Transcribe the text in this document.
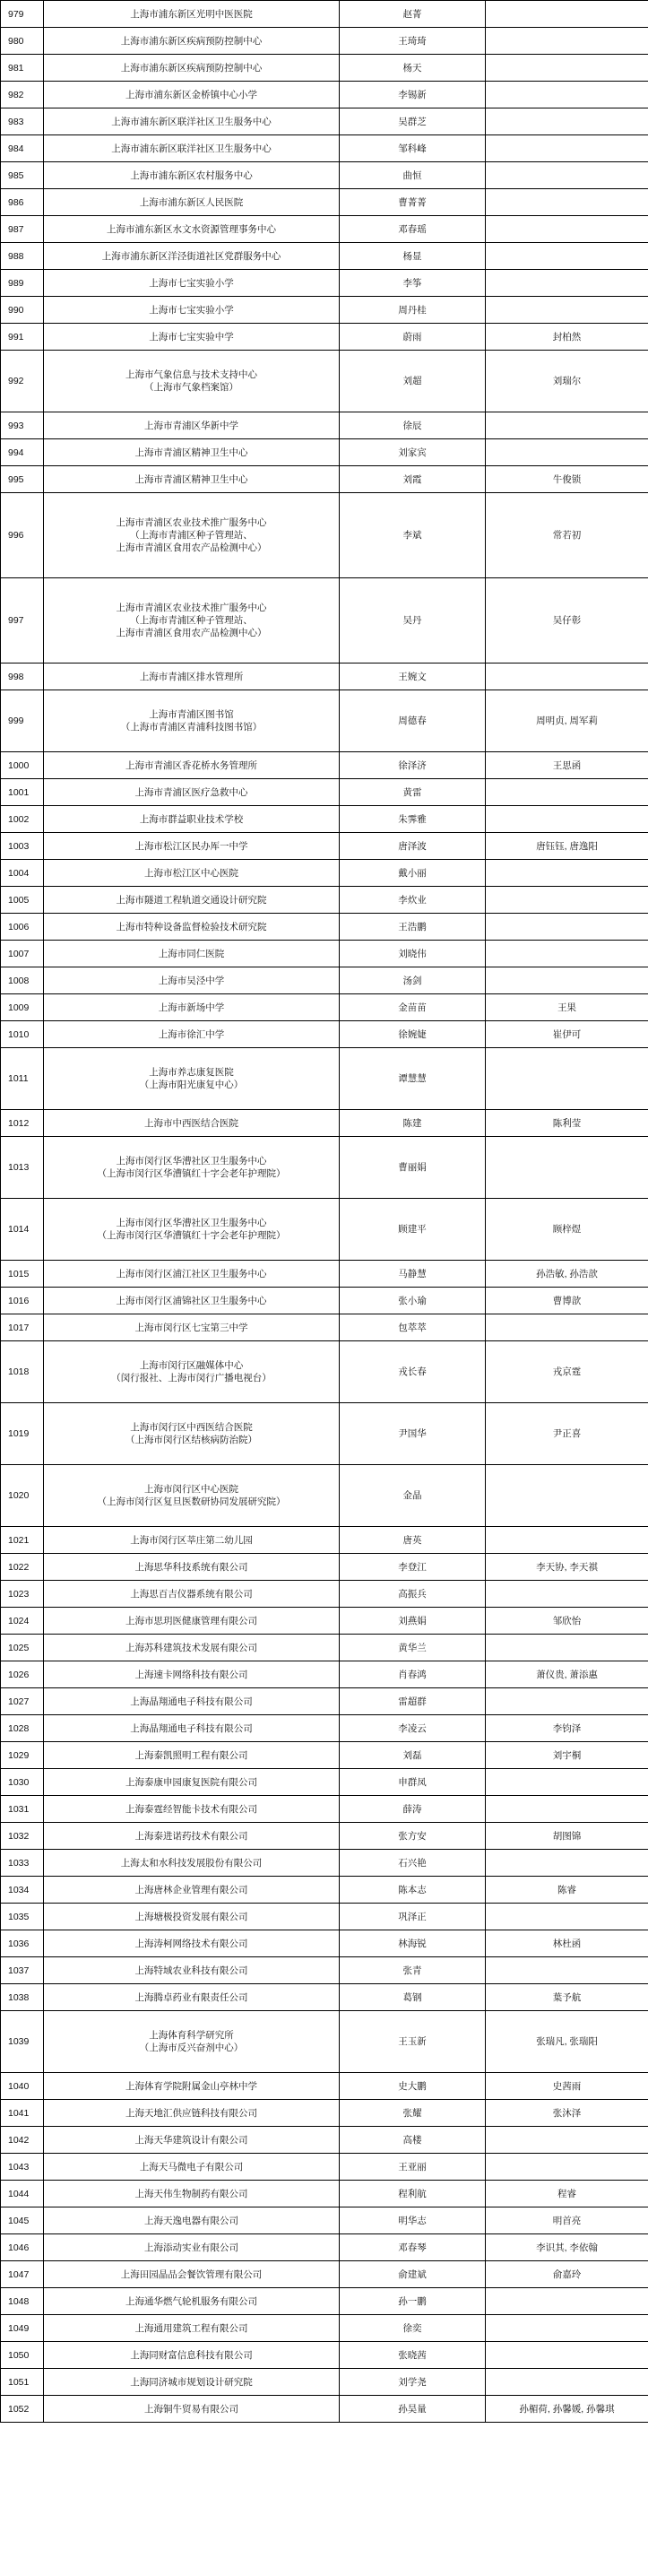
979	上海市浦东新区光明中医医院	赵菁	
980	上海市浦东新区疾病预防控制中心	王琦琦	
981	上海市浦东新区疾病预防控制中心	杨天	
982	上海市浦东新区金桥镇中心小学	李锡新	
983	上海市浦东新区联洋社区卫生服务中心	吴群芝	
984	上海市浦东新区联洋社区卫生服务中心	邹科峰	
985	上海市浦东新区农村服务中心	曲恒	
986	上海市浦东新区人民医院	曹菁菁	
987	上海市浦东新区水文水资源管理事务中心	邓春瑶	
988	上海市浦东新区洋泾街道社区党群服务中心	杨显	
989	上海市七宝实验小学	李筝	
990	上海市七宝实验小学	周丹桂	
991	上海市七宝实验中学	蔚雨	封柏然
992	上海市气象信息与技术支持中心
（上海市气象档案馆）	刘超	刘瑞尔
993	上海市青浦区华新中学	徐辰	
994	上海市青浦区精神卫生中心	刘家宾	
995	上海市青浦区精神卫生中心	刘霞	牛俊锁
996	上海市青浦区农业技术推广服务中心
（上海市青浦区种子管理站、
上海市青浦区食用农产品检测中心）	李斌	常若初
997	上海市青浦区农业技术推广服务中心
（上海市青浦区种子管理站、
上海市青浦区食用农产品检测中心）	吴丹	吴仔彰
998	上海市青浦区排水管理所	王婉文	
999	上海市青浦区图书馆
（上海市青浦区青浦科技图书馆）	周德春	周明贞, 周军莉
1000	上海市青浦区香花桥水务管理所	徐泽济	王思函
1001	上海市青浦区医疗急救中心	黄雷	
1002	上海市群益职业技术学校	朱霁雅	
1003	上海市松江区民办厍一中学	唐泽波	唐钰钰, 唐逸阳
1004	上海市松江区中心医院	戴小丽	
1005	上海市隧道工程轨道交通设计研究院	李炊业	
1006	上海市特种设备监督检验技术研究院	王浩鹏	
1007	上海市同仁医院	刘晓伟	
1008	上海市吴泾中学	汤剑	
1009	上海市新场中学	金苗苗	王果
1010	上海市徐汇中学	徐婉婕	崔伊可
1011	上海市养志康复医院
（上海市阳光康复中心）	谭慧慧	
1012	上海市中西医结合医院	陈建	陈利莹
1013	上海市闵行区华漕社区卫生服务中心
（上海市闵行区华漕镇红十字会老年护理院）	曹丽娟	
1014	上海市闵行区华漕社区卫生服务中心
（上海市闵行区华漕镇红十字会老年护理院）	顾建平	顾梓煜
1015	上海市闵行区浦江社区卫生服务中心	马静慧	孙浩敏, 孙浩歆
1016	上海市闵行区浦锦社区卫生服务中心	张小瑜	曹博歆
1017	上海市闵行区七宝第三中学	包萃萃	
1018	上海市闵行区融媒体中心
（闵行报社、上海市闵行广播电视台）	戎长春	戎京霆
1019	上海市闵行区中西医结合医院
（上海市闵行区结核病防治院）	尹国华	尹正喜
1020	上海市闵行区中心医院
（上海市闵行区复旦医数研协同发展研究院）	金晶	
1021	上海市闵行区莘庄第二幼儿园	唐英	
1022	上海思华科技系统有限公司	李登江	李天协, 李天祺
1023	上海思百吉仪器系统有限公司	高振兵	
1024	上海市思玥医健康管理有限公司	刘燕娟	邹欣怡
1025	上海苏科建筑技术发展有限公司	黄华兰	
1026	上海速卡网络科技有限公司	肖春鸿	萧仪贵, 萧添惠
1027	上海晶翔通电子科技有限公司	雷超群	
1028	上海晶翔通电子科技有限公司	李凌云	李钧泽
1029	上海泰凯照明工程有限公司	刘磊	刘宇桐
1030	上海泰康申园康复医院有限公司	申群凤	
1031	上海泰霆经智能卡技术有限公司	薛涛	
1032	上海泰进诺药技术有限公司	张方安	胡图锦
1033	上海太和水科技发展股份有限公司	石兴艳	
1034	上海唐林企业管理有限公司	陈本志	陈睿
1035	上海塘极投资发展有限公司	巩泽正	
1036	上海涛柯网络技术有限公司	林海锐	林杜函
1037	上海特域农业科技有限公司	张青	
1038	上海腾卓药业有限责任公司	葛钢	葉予航
1039	上海体育科学研究所
（上海市反兴奋剂中心）	王玉新	张瑞凡, 张瑞阳
1040	上海体育学院附属金山亭林中学	史大鹏	史茜雨
1041	上海天地汇供应链科技有限公司	张耀	张沐泽
1042	上海天华建筑设计有限公司	高楼	
1043	上海天马微电子有限公司	王亚丽	
1044	上海天伟生物制药有限公司	程利航	程睿
1045	上海天逸电器有限公司	明华志	明首亮
1046	上海添动实业有限公司	邓春琴	李识其, 李依翰
1047	上海田园晶品会餐饮管理有限公司	俞建斌	俞嘉玲
1048	上海通华燃气轮机服务有限公司	孙一鹏	
1049	上海通用建筑工程有限公司	徐奕	
1050	上海同财富信息科技有限公司	张晓茜	
1051	上海同济城市规划设计研究院	刘学尧	
1052	上海铜牛贸易有限公司	孙昊量	孙楣荷, 孙馨媛, 孙馨琪
